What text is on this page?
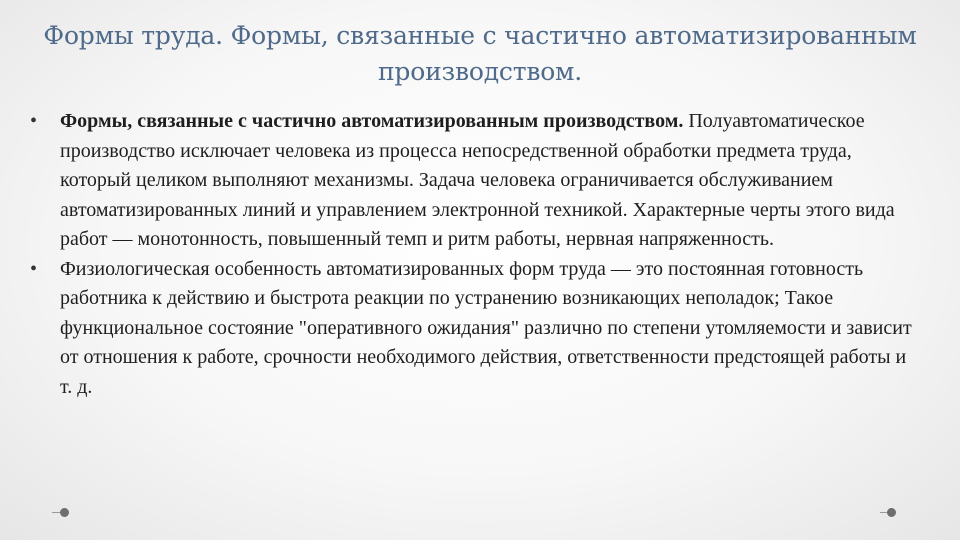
Формы труда. Формы, связанные с частично автоматизированным производством.
•	Формы, связанные с частично автоматизированным производством. Полуавтоматическое производство исключает человека из процесса непосредственной обработки предмета труда, который целиком выполняют механизмы. Задача человека ограничивается обслуживанием автоматизированных линий и управлением электронной техникой. Характерные черты этого вида работ — монотонность, повышенный темп и ритм работы, нервная напряженность.
•	Физиологическая особенность автоматизированных форм труда — это постоянная готовность работника к действию и быстрота реакции по устранению возникающих неполадок; Такое функциональное состояние "оперативного ожидания" различно по степени утомляемости и зависит от отношения к работе, срочности необходимого действия, ответственности предстоящей работы и т. д.
